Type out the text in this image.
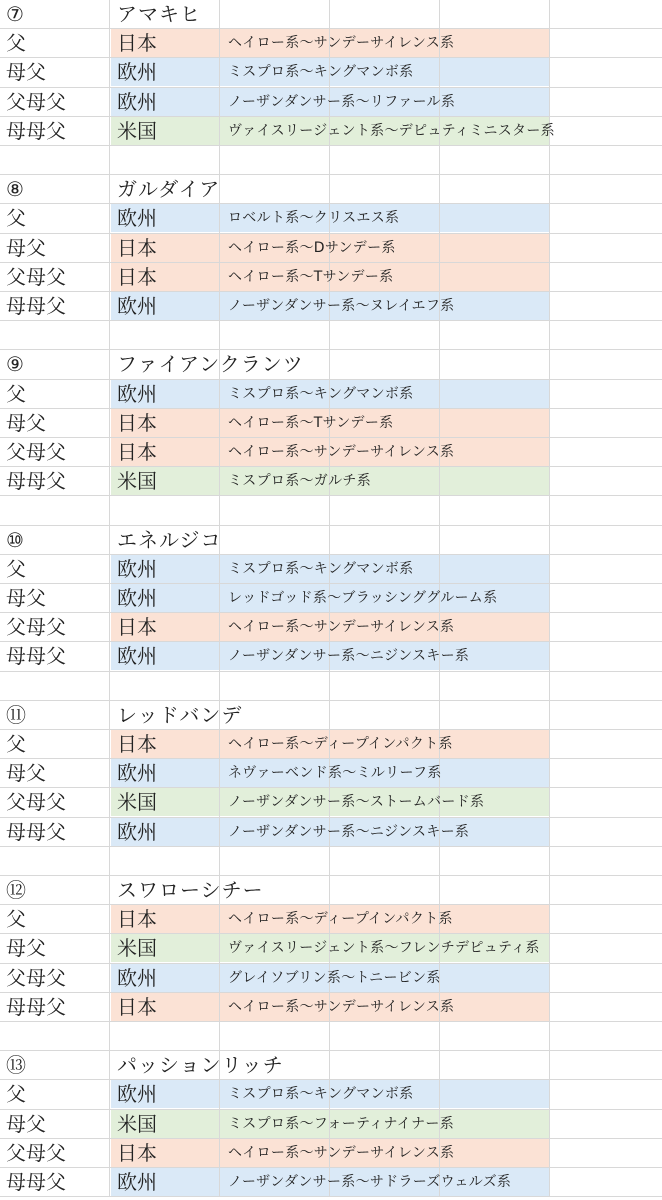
⑦	アマキヒ
父	日本	ヘイロー系～サンデーサイレンス系
母父	欧州	ミスプロ系～キングマンボ系
父母父	欧州	ノーザンダンサー系～リファール系
母母父	米国	ヴァイスリージェント系～デピュティミニスター系
⑧	ガルダイア
父	欧州	ロベルト系～クリスエス系
母父	日本	ヘイロー系～Dサンデー系
父母父	日本	ヘイロー系～Tサンデー系
母母父	欧州	ノーザンダンサー系～ヌレイエフ系
⑨	ファイアンクランツ
父	欧州	ミスプロ系～キングマンボ系
母父	日本	ヘイロー系～Tサンデー系
父母父	日本	ヘイロー系～サンデーサイレンス系
母母父	米国	ミスプロ系～ガルチ系
⑩	エネルジコ
父	欧州	ミスプロ系～キングマンボ系
母父	欧州	レッドゴッド系～ブラッシンググルーム系
父母父	日本	ヘイロー系～サンデーサイレンス系
母母父	欧州	ノーザンダンサー系～ニジンスキー系
⑪	レッドバンデ
父	日本	ヘイロー系～ディープインパクト系
母父	欧州	ネヴァーベンド系～ミルリーフ系
父母父	米国	ノーザンダンサー系～ストームバード系
母母父	欧州	ノーザンダンサー系～ニジンスキー系
⑫	スワローシチー
父	日本	ヘイロー系～ディープインパクト系
母父	米国	ヴァイスリージェント系～フレンチデピュティ系
父母父	欧州	グレイソブリン系～トニービン系
母母父	日本	ヘイロー系～サンデーサイレンス系
⑬	パッションリッチ
父	欧州	ミスプロ系～キングマンボ系
母父	米国	ミスプロ系～フォーティナイナー系
父母父	日本	ヘイロー系～サンデーサイレンス系
母母父	欧州	ノーザンダンサー系～サドラーズウェルズ系
